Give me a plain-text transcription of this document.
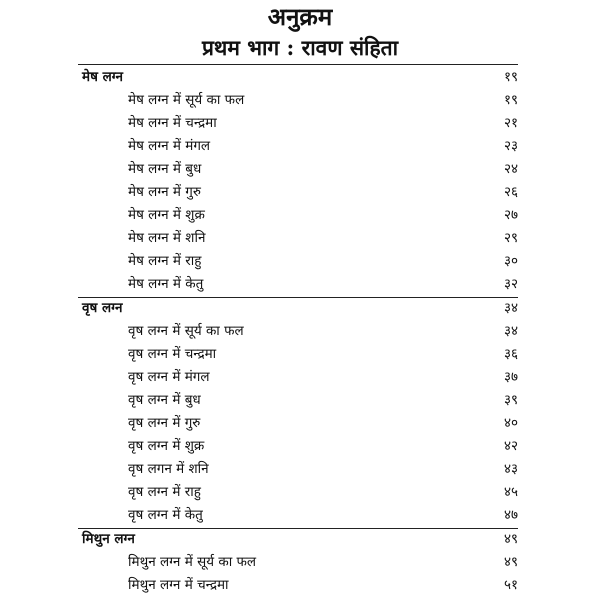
अनुक्रम
प्रथम भाग : रावण संहिता
मेष लग्न	१९
मेष लग्न में सूर्य का फल	१९
मेष लग्न में चन्द्रमा	२१
मेष लग्न में मंगल	२३
मेष लग्न में बुध	२४
मेष लग्न में गुरु	२६
मेष लग्न में शुक्र	२७
मेष लग्न में शनि	२९
मेष लग्न में राहु	३०
मेष लग्न में केतु	३२
वृष लग्न	३४
वृष लग्न में सूर्य का फल	३४
वृष लग्न में चन्द्रमा	३६
वृष लग्न में मंगल	३७
वृष लग्न में बुध	३९
वृष लग्न में गुरु	४०
वृष लग्न में शुक्र	४२
वृष लगन में शनि	४३
वृष लग्न में राहु	४५
वृष लग्न में केतु	४७
मिथुन लग्न	४९
मिथुन लग्न में सूर्य का फल	४९
मिथुन लग्न में चन्द्रमा	५१
